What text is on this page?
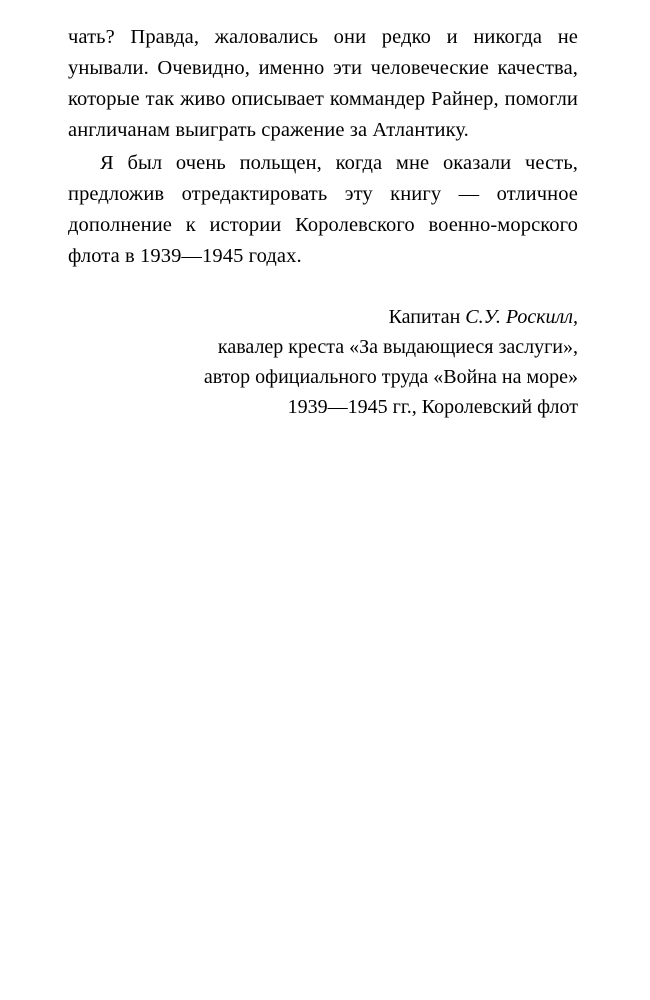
чать? Правда, жаловались они редко и никогда не унывали. Очевидно, именно эти человеческие качества, которые так живо описывает коммандер Райнер, помогли англичанам выиграть сражение за Атлантику.

Я был очень польщен, когда мне оказали честь, предложив отредактировать эту книгу — отличное дополнение к истории Королевского военно-морского флота в 1939—1945 годах.

Капитан С.У. Роскилл,
кавалер креста «За выдающиеся заслуги»,
автор официального труда «Война на море»
1939—1945 гг., Королевский флот
